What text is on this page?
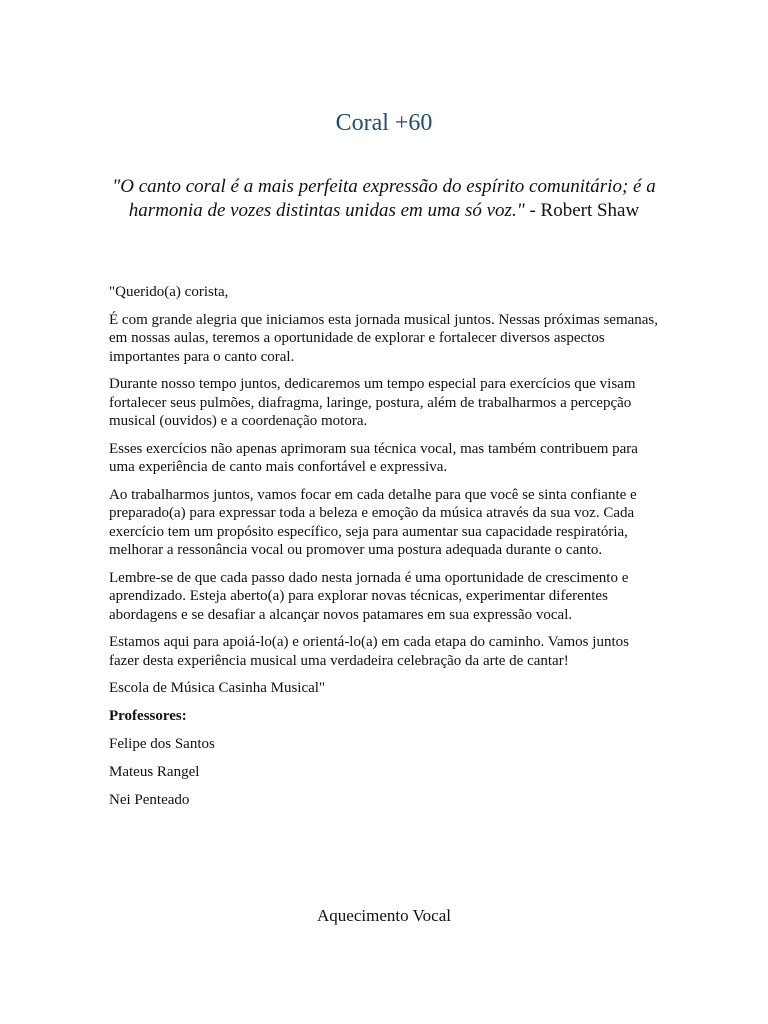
Coral +60
"O canto coral é a mais perfeita expressão do espírito comunitário; é a harmonia de vozes distintas unidas em uma só voz." - Robert Shaw

"Querido(a) corista,

É com grande alegria que iniciamos esta jornada musical juntos. Nessas próximas semanas, em nossas aulas, teremos a oportunidade de explorar e fortalecer diversos aspectos importantes para o canto coral.

Durante nosso tempo juntos, dedicaremos um tempo especial para exercícios que visam fortalecer seus pulmões, diafragma, laringe, postura, além de trabalharmos a percepção musical (ouvidos) e a coordenação motora.

Esses exercícios não apenas aprimoram sua técnica vocal, mas também contribuem para uma experiência de canto mais confortável e expressiva.

Ao trabalharmos juntos, vamos focar em cada detalhe para que você se sinta confiante e preparado(a) para expressar toda a beleza e emoção da música através da sua voz. Cada exercício tem um propósito específico, seja para aumentar sua capacidade respiratória, melhorar a ressonância vocal ou promover uma postura adequada durante o canto.

Lembre-se de que cada passo dado nesta jornada é uma oportunidade de crescimento e aprendizado. Esteja aberto(a) para explorar novas técnicas, experimentar diferentes abordagens e se desafiar a alcançar novos patamares em sua expressão vocal.

Estamos aqui para apoiá-lo(a) e orientá-lo(a) em cada etapa do caminho. Vamos juntos fazer desta experiência musical uma verdadeira celebração da arte de cantar!

Escola de Música Casinha Musical"

Professores:

Felipe dos Santos

Mateus Rangel

Nei Penteado

Aquecimento Vocal
